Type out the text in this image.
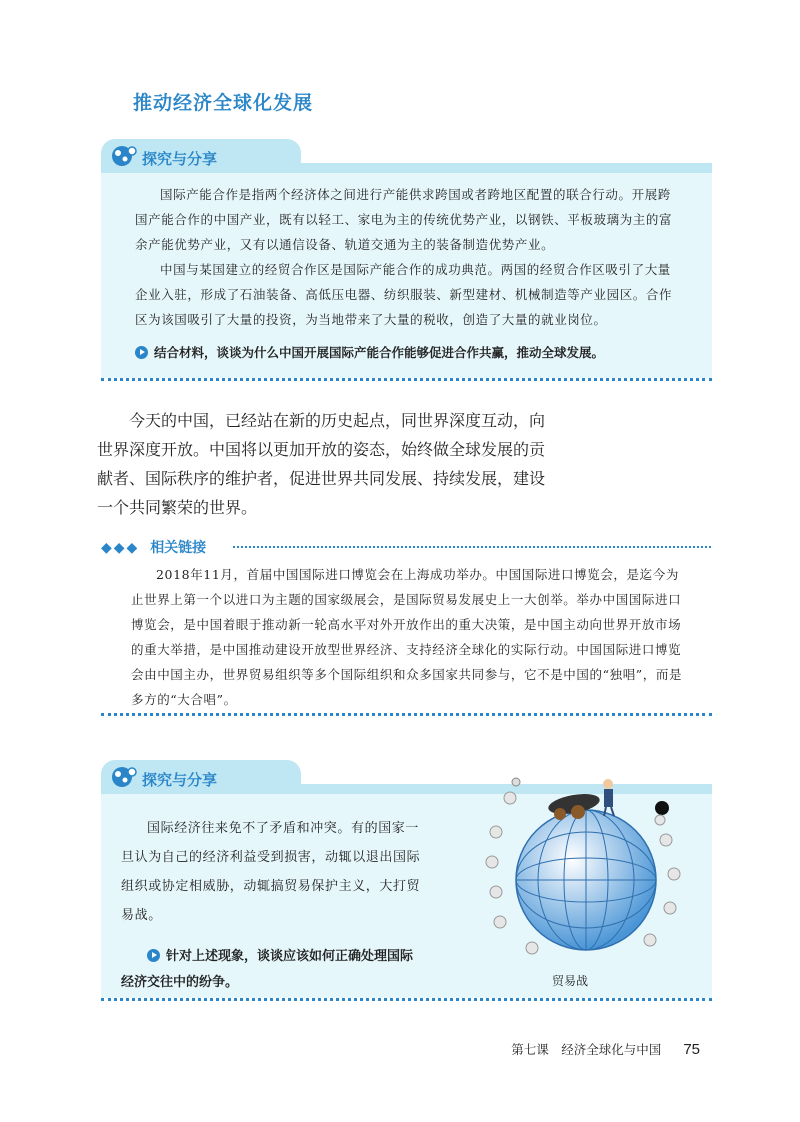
推动经济全球化发展
探究与分享

国际产能合作是指两个经济体之间进行产能供求跨国或者跨地区配置的联合行动。开展跨国产能合作的中国产业，既有以轻工、家电为主的传统优势产业，以钢铁、平板玻璃为主的富余产能优势产业，又有以通信设备、轨道交通为主的装备制造优势产业。

中国与某国建立的经贸合作区是国际产能合作的成功典范。两国的经贸合作区吸引了大量企业入驻，形成了石油装备、高低压电器、纺织服装、新型建材、机械制造等产业园区。合作区为该国吸引了大量的投资，为当地带来了大量的税收，创造了大量的就业岗位。

结合材料，谈谈为什么中国开展国际产能合作能够促进合作共赢，推动全球发展。

今天的中国，已经站在新的历史起点，同世界深度互动，向世界深度开放。中国将以更加开放的姿态，始终做全球发展的贡献者、国际秩序的维护者，促进世界共同发展、持续发展，建设一个共同繁荣的世界。

◆◆◆ 相关链接

2018年11月，首届中国国际进口博览会在上海成功举办。中国国际进口博览会，是迄今为止世界上第一个以进口为主题的国家级展会，是国际贸易发展史上一大创举。举办中国国际进口博览会，是中国着眼于推动新一轮高水平对外开放作出的重大决策，是中国主动向世界开放市场的重大举措，是中国推动建设开放型世界经济、支持经济全球化的实际行动。中国国际进口博览会由中国主办，世界贸易组织等多个国际组织和众多国家共同参与，它不是中国的“独唱”，而是多方的“大合唱”。

探究与分享

国际经济往来免不了矛盾和冲突。有的国家一旦认为自己的经济利益受到损害，动辄以退出国际组织或协定相威胁，动辄搞贸易保护主义，大打贸易战。

针对上述现象，谈谈应该如何正确处理国际经济交往中的纷争。	贸易战
第七课　经济全球化与中国 75
